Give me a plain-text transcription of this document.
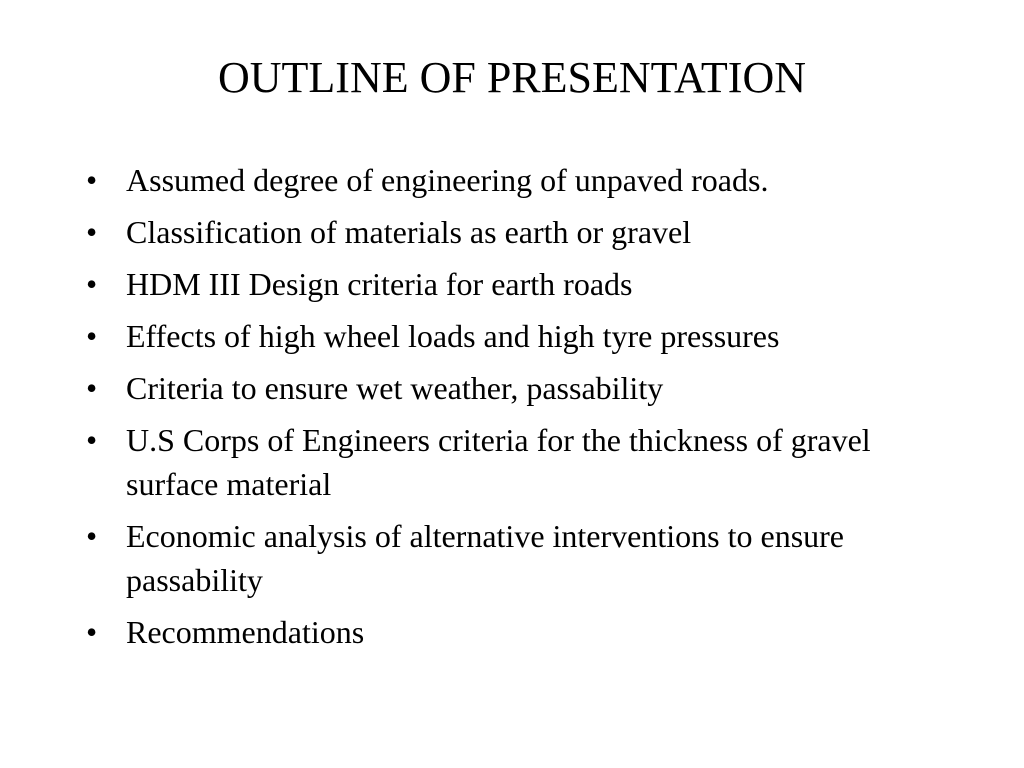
OUTLINE OF PRESENTATION
• Assumed degree of engineering of unpaved roads.
• Classification of materials as earth or gravel
• HDM III Design criteria for earth roads
• Effects of high wheel loads and high tyre pressures
• Criteria to ensure wet weather, passability
• U.S Corps of Engineers criteria for the thickness of gravel surface material
• Economic analysis of alternative interventions to ensure passability
• Recommendations
